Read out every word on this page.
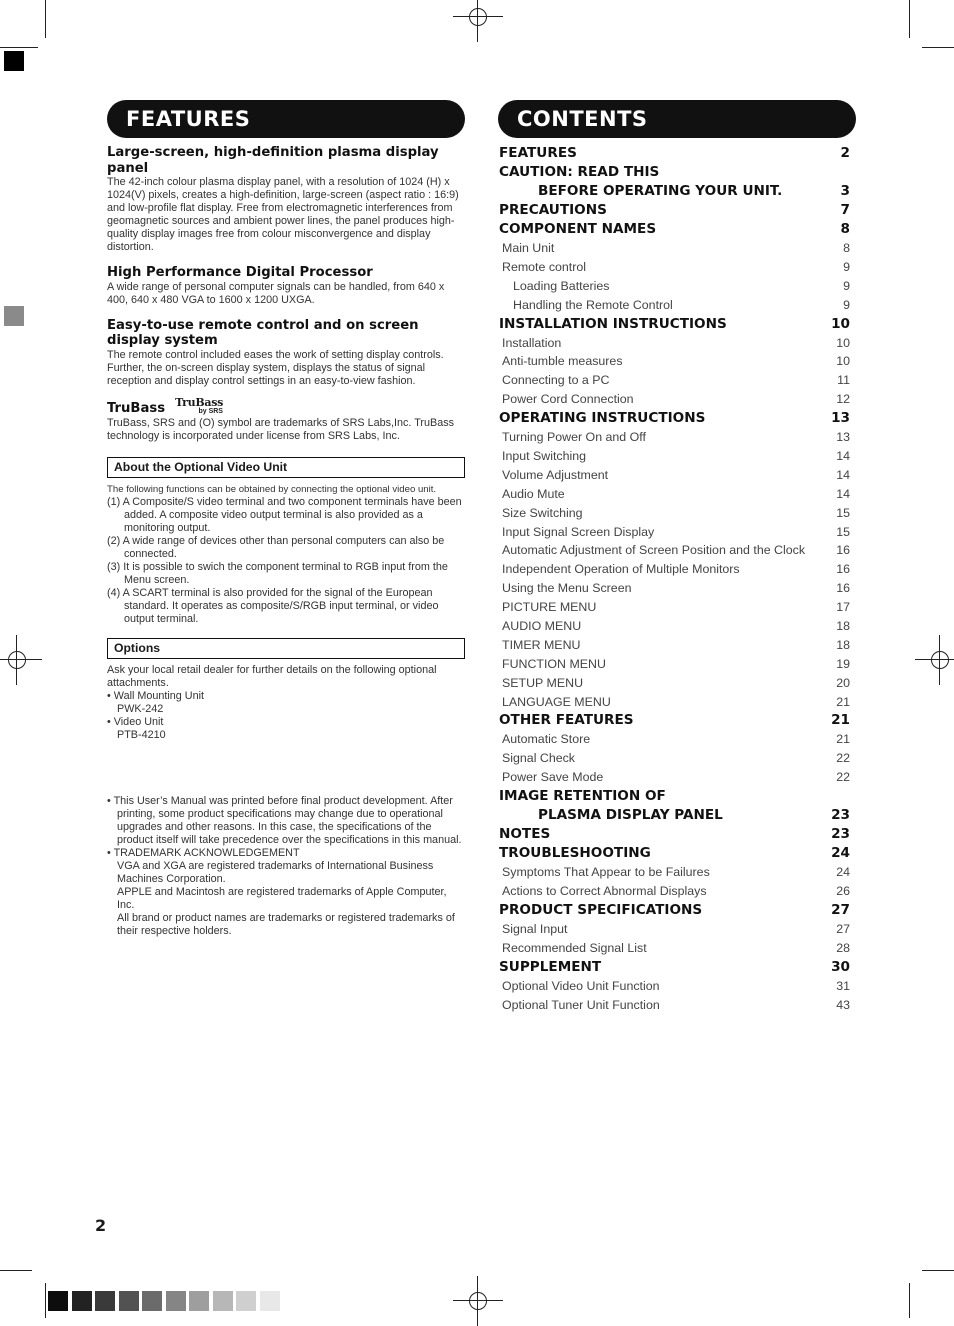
FEATURES	CONTENTS
Large-screen, high-definition plasma display panel
The 42-inch colour plasma display panel, with a resolution of 1024 (H) x 1024(V) pixels, creates a high-definition, large-screen (aspect ratio : 16:9) and low-profile flat display. Free from electromagnetic interferences from geomagnetic sources and ambient power lines, the panel produces high-quality display images free from colour misconvergence and display distortion.
High Performance Digital Processor
A wide range of personal computer signals can be handled, from 640 x 400, 640 x 480 VGA to 1600 x 1200 UXGA.
Easy-to-use remote control and on screen display system
The remote control included eases the work of setting display controls. Further, the on-screen display system, displays the status of signal reception and display control settings in an easy-to-view fashion.
TruBass TruBass
by SRS
TruBass, SRS and (O) symbol are trademarks of SRS Labs,Inc. TruBass technology is incorporated under license from SRS Labs, Inc.
About the Optional Video Unit
The following functions can be obtained by connecting the optional video unit.
(1) A Composite/S video terminal and two component terminals have been added. A composite video output terminal is also provided as a monitoring output.
(2) A wide range of devices other than personal computers can also be connected.
(3) It is possible to swich the component terminal to RGB input from the Menu screen.
(4) A SCART terminal is also provided for the signal of the European standard. It operates as composite/S/RGB input terminal, or video output terminal.
Options
Ask your local retail dealer for further details on the following optional attachments.
• Wall Mounting Unit
PWK-242
• Video Unit
PTB-4210
• This User’s Manual was printed before final product development. After printing, some product specifications may change due to operational upgrades and other reasons. In this case, the specifications of the product itself will take precedence over the specifications in this manual.
• TRADEMARK ACKNOWLEDGEMENT
VGA and XGA are registered trademarks of International Business Machines Corporation.
APPLE and Macintosh are registered trademarks of Apple Computer, Inc.
All brand or product names are trademarks or registered trademarks of their respective holders.
FEATURES	2
CAUTION: READ THIS
BEFORE OPERATING YOUR UNIT.	3
PRECAUTIONS	7
COMPONENT NAMES	8
Main Unit	8
Remote control	9
Loading Batteries	9
Handling the Remote Control	9
INSTALLATION INSTRUCTIONS	10
Installation	10
Anti-tumble measures	10
Connecting to a PC	11
Power Cord Connection	12
OPERATING INSTRUCTIONS	13
Turning Power On and Off	13
Input Switching	14
Volume Adjustment	14
Audio Mute	14
Size Switching	15
Input Signal Screen Display	15
Automatic Adjustment of Screen Position and the Clock	16
Independent Operation of Multiple Monitors	16
Using the Menu Screen	16
PICTURE MENU	17
AUDIO MENU	18
TIMER MENU	18
FUNCTION MENU	19
SETUP MENU	20
LANGUAGE MENU	21
OTHER FEATURES	21
Automatic Store	21
Signal Check	22
Power Save Mode	22
IMAGE RETENTION OF
PLASMA DISPLAY PANEL	23
NOTES	23
TROUBLESHOOTING	24
Symptoms That Appear to be Failures	24
Actions to Correct Abnormal Displays	26
PRODUCT SPECIFICATIONS	27
Signal Input	27
Recommended Signal List	28
SUPPLEMENT	30
Optional Video Unit Function	31
Optional Tuner Unit Function	43
2
